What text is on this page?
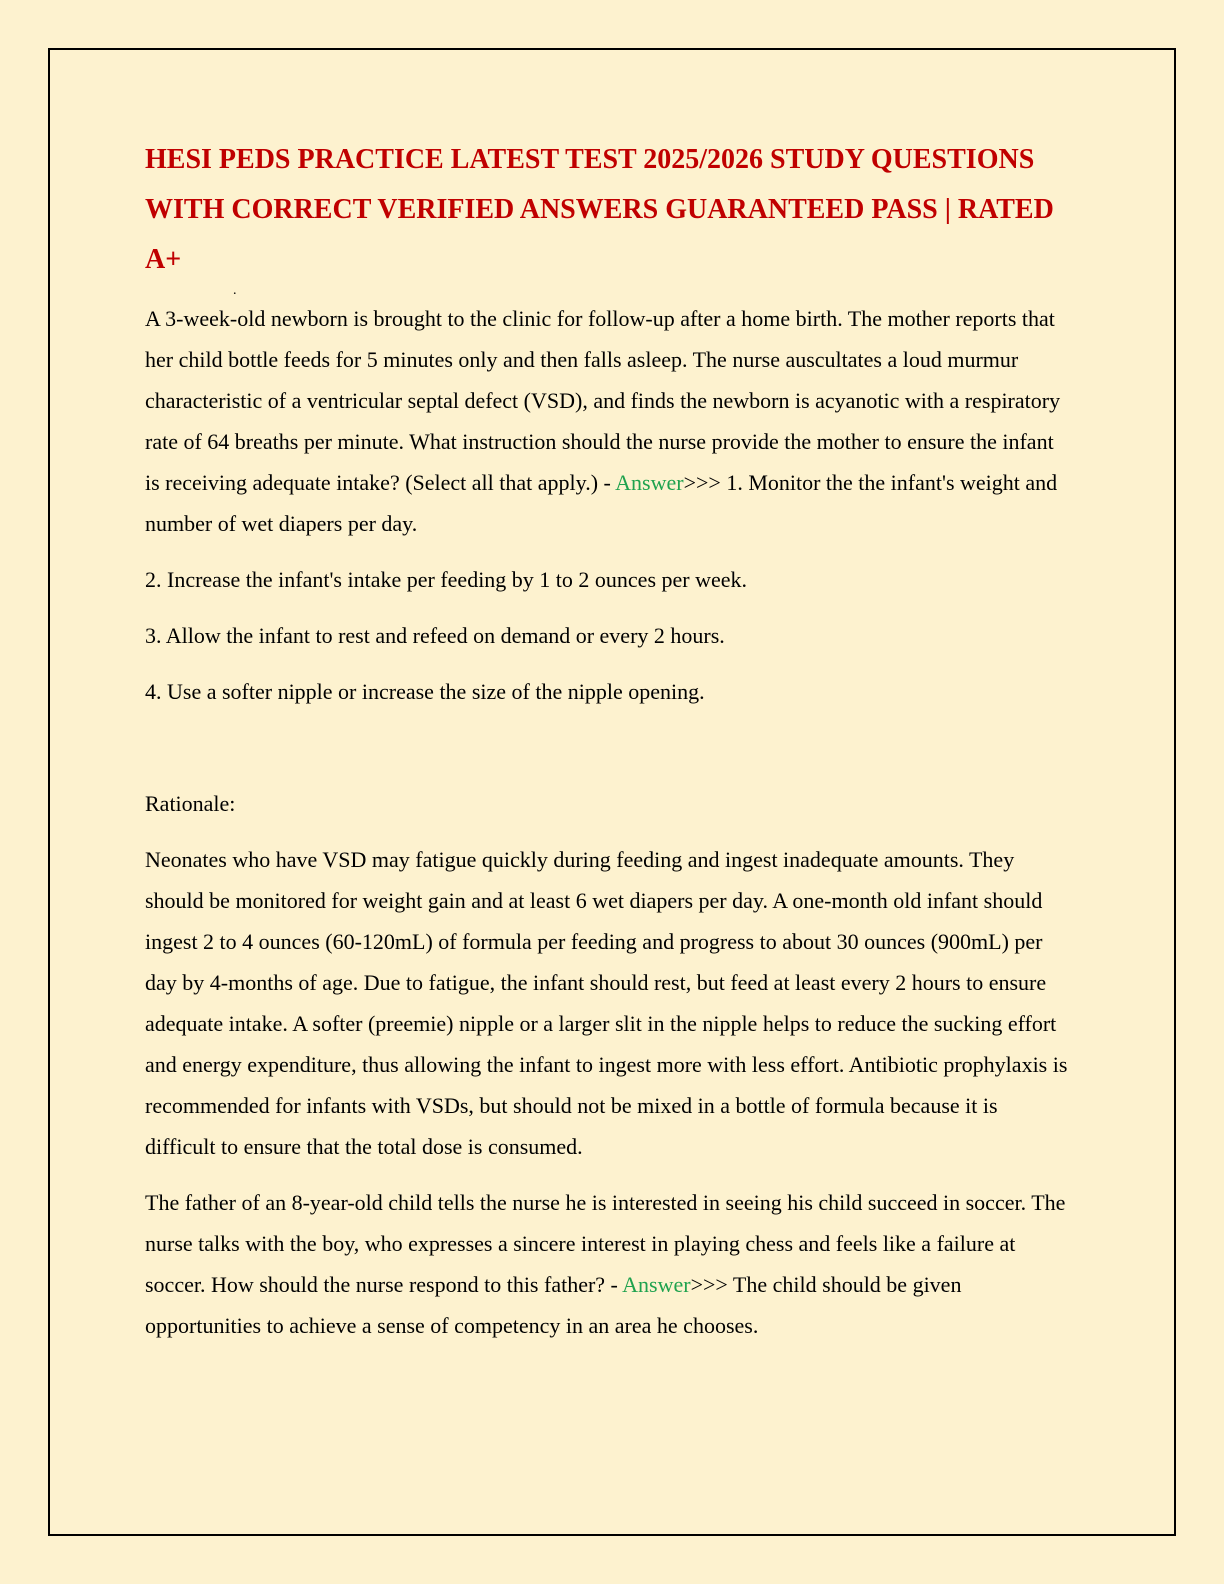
.
HESI PEDS PRACTICE LATEST TEST 2025/2026 STUDY QUESTIONS WITH CORRECT VERIFIED ANSWERS GUARANTEED PASS | RATED A+

A 3-week-old newborn is brought to the clinic for follow-up after a home birth. The mother reports that her child bottle feeds for 5 minutes only and then falls asleep. The nurse auscultates a loud murmur characteristic of a ventricular septal defect (VSD), and finds the newborn is acyanotic with a respiratory rate of 64 breaths per minute. What instruction should the nurse provide the mother to ensure the infant is receiving adequate intake? (Select all that apply.) - Answer>>> 1. Monitor the the infant's weight and number of wet diapers per day.

2. Increase the infant's intake per feeding by 1 to 2 ounces per week.

3. Allow the infant to rest and refeed on demand or every 2 hours.

4. Use a softer nipple or increase the size of the nipple opening.

Rationale:

Neonates who have VSD may fatigue quickly during feeding and ingest inadequate amounts. They should be monitored for weight gain and at least 6 wet diapers per day. A one-month old infant should ingest 2 to 4 ounces (60-120mL) of formula per feeding and progress to about 30 ounces (900mL) per day by 4-months of age. Due to fatigue, the infant should rest, but feed at least every 2 hours to ensure adequate intake. A softer (preemie) nipple or a larger slit in the nipple helps to reduce the sucking effort and energy expenditure, thus allowing the infant to ingest more with less effort. Antibiotic prophylaxis is recommended for infants with VSDs, but should not be mixed in a bottle of formula because it is difficult to ensure that the total dose is consumed.

The father of an 8-year-old child tells the nurse he is interested in seeing his child succeed in soccer. The nurse talks with the boy, who expresses a sincere interest in playing chess and feels like a failure at soccer. How should the nurse respond to this father? - Answer>>> The child should be given opportunities to achieve a sense of competency in an area he chooses.
